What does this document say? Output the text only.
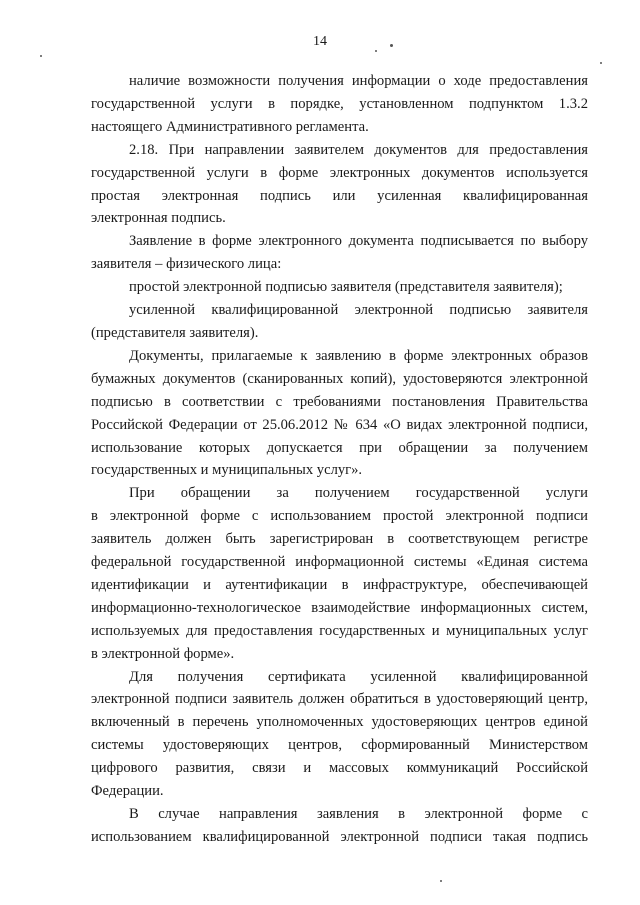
14

наличие возможности получения информации о ходе предоставления
государственной услуги в порядке, установленном подпунктом 1.3.2
настоящего Административного регламента.

2.18. При направлении заявителем документов для предоставления
государственной услуги в форме электронных документов используется
простая электронная подпись или усиленная квалифицированная
электронная подпись.

Заявление в форме электронного документа подписывается по выбору
заявителя – физического лица:

простой электронной подписью заявителя (представителя заявителя);

усиленной квалифицированной электронной подписью заявителя
(представителя заявителя).

Документы, прилагаемые к заявлению в форме электронных образов
бумажных документов (сканированных копий), удостоверяются электронной
подписью в соответствии с требованиями постановления Правительства
Российской Федерации от 25.06.2012 № 634 «О видах электронной подписи,
использование которых допускается при обращении за получением
государственных и муниципальных услуг».

При обращении за получением государственной услуги
в электронной форме с использованием простой электронной подписи
заявитель должен быть зарегистрирован в соответствующем регистре
федеральной государственной информационной системы «Единая система
идентификации и аутентификации в инфраструктуре, обеспечивающей
информационно-технологическое взаимодействие информационных систем,
используемых для предоставления государственных и муниципальных услуг
в электронной форме».

Для получения сертификата усиленной квалифицированной
электронной подписи заявитель должен обратиться в удостоверяющий центр,
включенный в перечень уполномоченных удостоверяющих центров единой
системы удостоверяющих центров, сформированный Министерством
цифрового развития, связи и массовых коммуникаций Российской
Федерации.

В случае направления заявления в электронной форме с
использованием квалифицированной электронной подписи такая подпись
